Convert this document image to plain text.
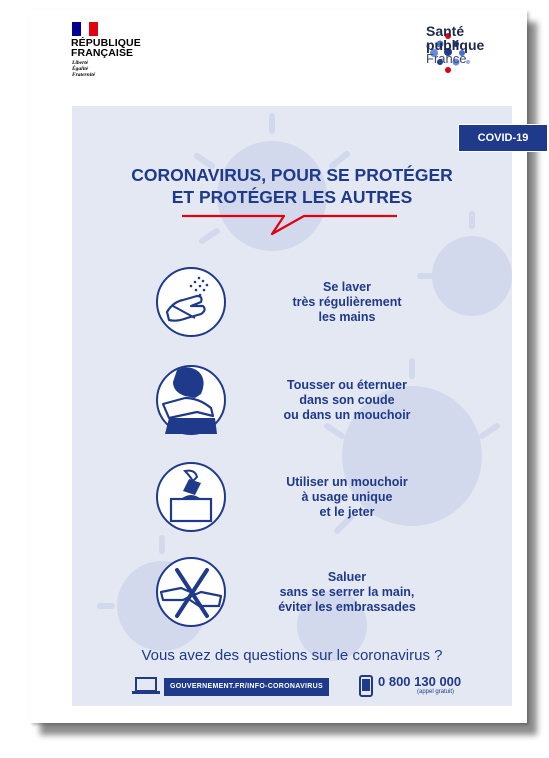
RÉPUBLIQUE
FRANÇAISE
Liberté
Égalité
Fraternité
Santé
publique
France
COVID-19
CORONAVIRUS, POUR SE PROTÉGER
ET PROTÉGER LES AUTRES
Se laver
très régulièrement
les mains
Tousser ou éternuer
dans son coude
ou dans un mouchoir
Utiliser un mouchoir
à usage unique
et le jeter
Saluer
sans se serrer la main,
éviter les embrassades
Vous avez des questions sur le coronavirus ?
GOUVERNEMENT.FR/INFO-CORONAVIRUS	0 800 130 000
(appel gratuit)
